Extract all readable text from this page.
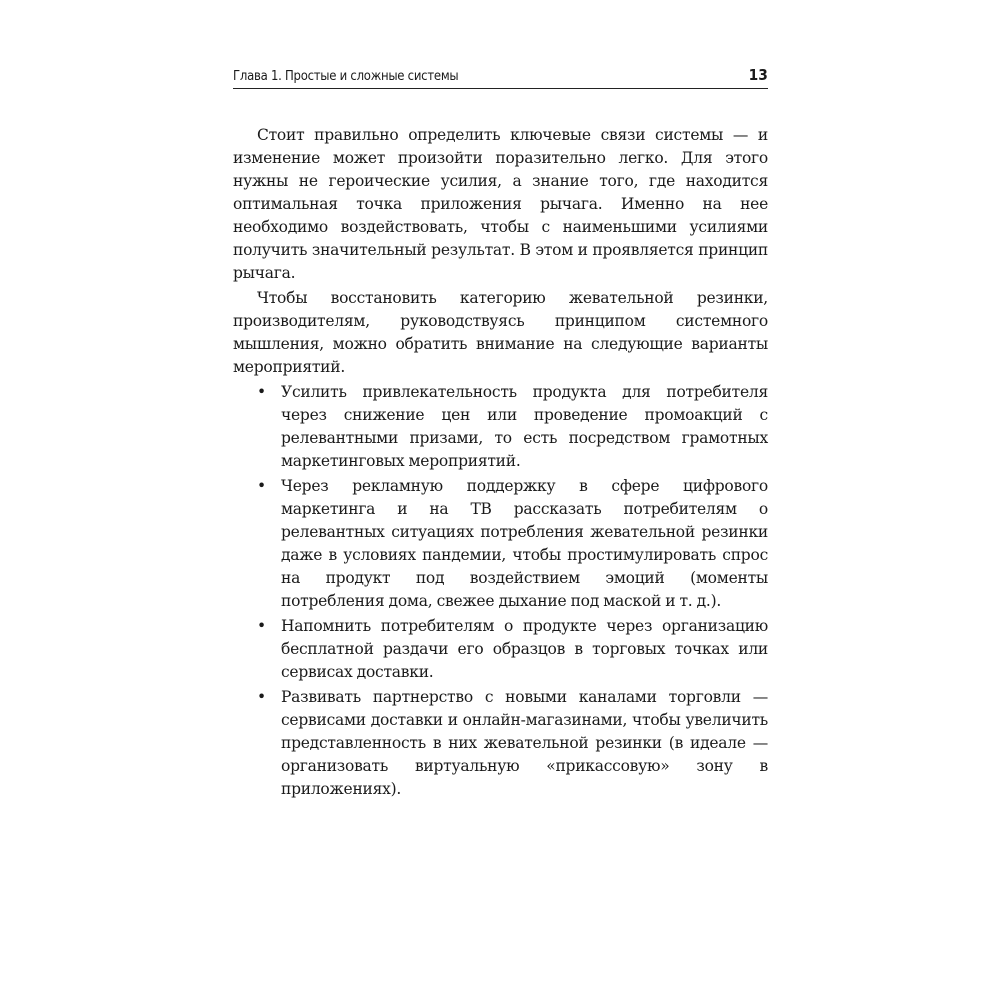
Глава 1. Простые и сложные системы	13

Стоит правильно определить ключевые связи системы — и изменение может произойти поразительно легко. Для этого нужны не героические усилия, а знание того, где находится оптимальная точка приложения рычага. Именно на нее необходимо воздействовать, чтобы с наименьшими усилиями получить значительный результат. В этом и проявляется принцип рычага.

Чтобы восстановить категорию жевательной резинки, производителям, руководствуясь принципом системного мышления, можно обратить внимание на следующие варианты мероприятий.

• Усилить привлекательность продукта для потребителя через снижение цен или проведение промоакций с релевантными призами, то есть посредством грамотных маркетинговых мероприятий.
• Через рекламную поддержку в сфере цифрового маркетинга и на ТВ рассказать потребителям о релевантных ситуациях потребления жевательной резинки даже в условиях пандемии, чтобы простимулировать спрос на продукт под воздействием эмоций (моменты потребления дома, свежее дыхание под маской и т. д.).
• Напомнить потребителям о продукте через организацию бесплатной раздачи его образцов в торговых точках или сервисах доставки.
• Развивать партнерство с новыми каналами торговли — сервисами доставки и онлайн-магазинами, чтобы увеличить представленность в них жевательной резинки (в идеале — организовать виртуальную «прикассовую» зону в приложениях).
